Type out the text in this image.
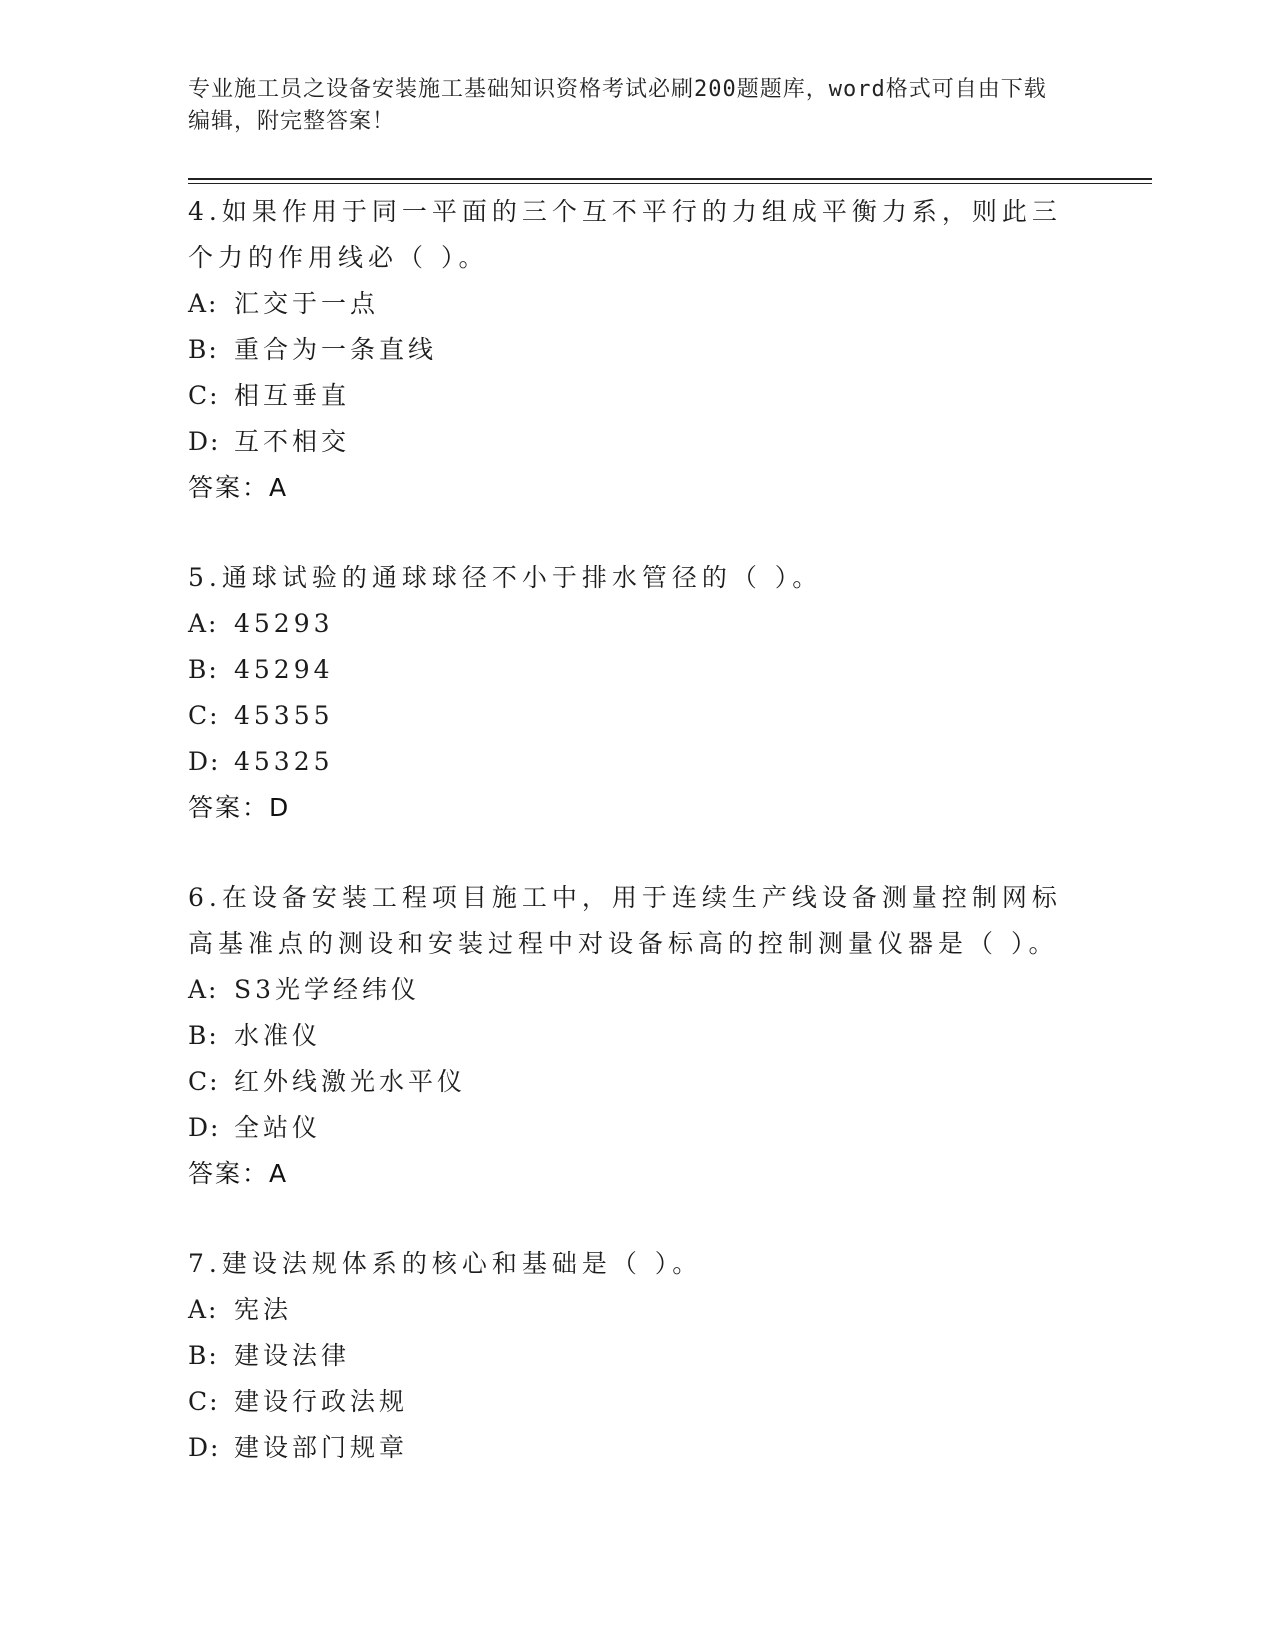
专业施工员之设备安装施工基础知识资格考试必刷200题题库，word格式可自由下载编辑，附完整答案！
4.如果作用于同一平面的三个互不平行的力组成平衡力系，则此三个力的作用线必（ ）。
A: 汇交于一点
B: 重合为一条直线
C: 相互垂直
D: 互不相交
答案：A
5.通球试验的通球球径不小于排水管径的（ ）。
A: 45293
B: 45294
C: 45355
D: 45325
答案：D
6.在设备安装工程项目施工中，用于连续生产线设备测量控制网标高基准点的测设和安装过程中对设备标高的控制测量仪器是（ ）。
A: S3光学经纬仪
B: 水准仪
C: 红外线激光水平仪
D: 全站仪
答案：A
7.建设法规体系的核心和基础是（ ）。
A: 宪法
B: 建设法律
C: 建设行政法规
D: 建设部门规章
